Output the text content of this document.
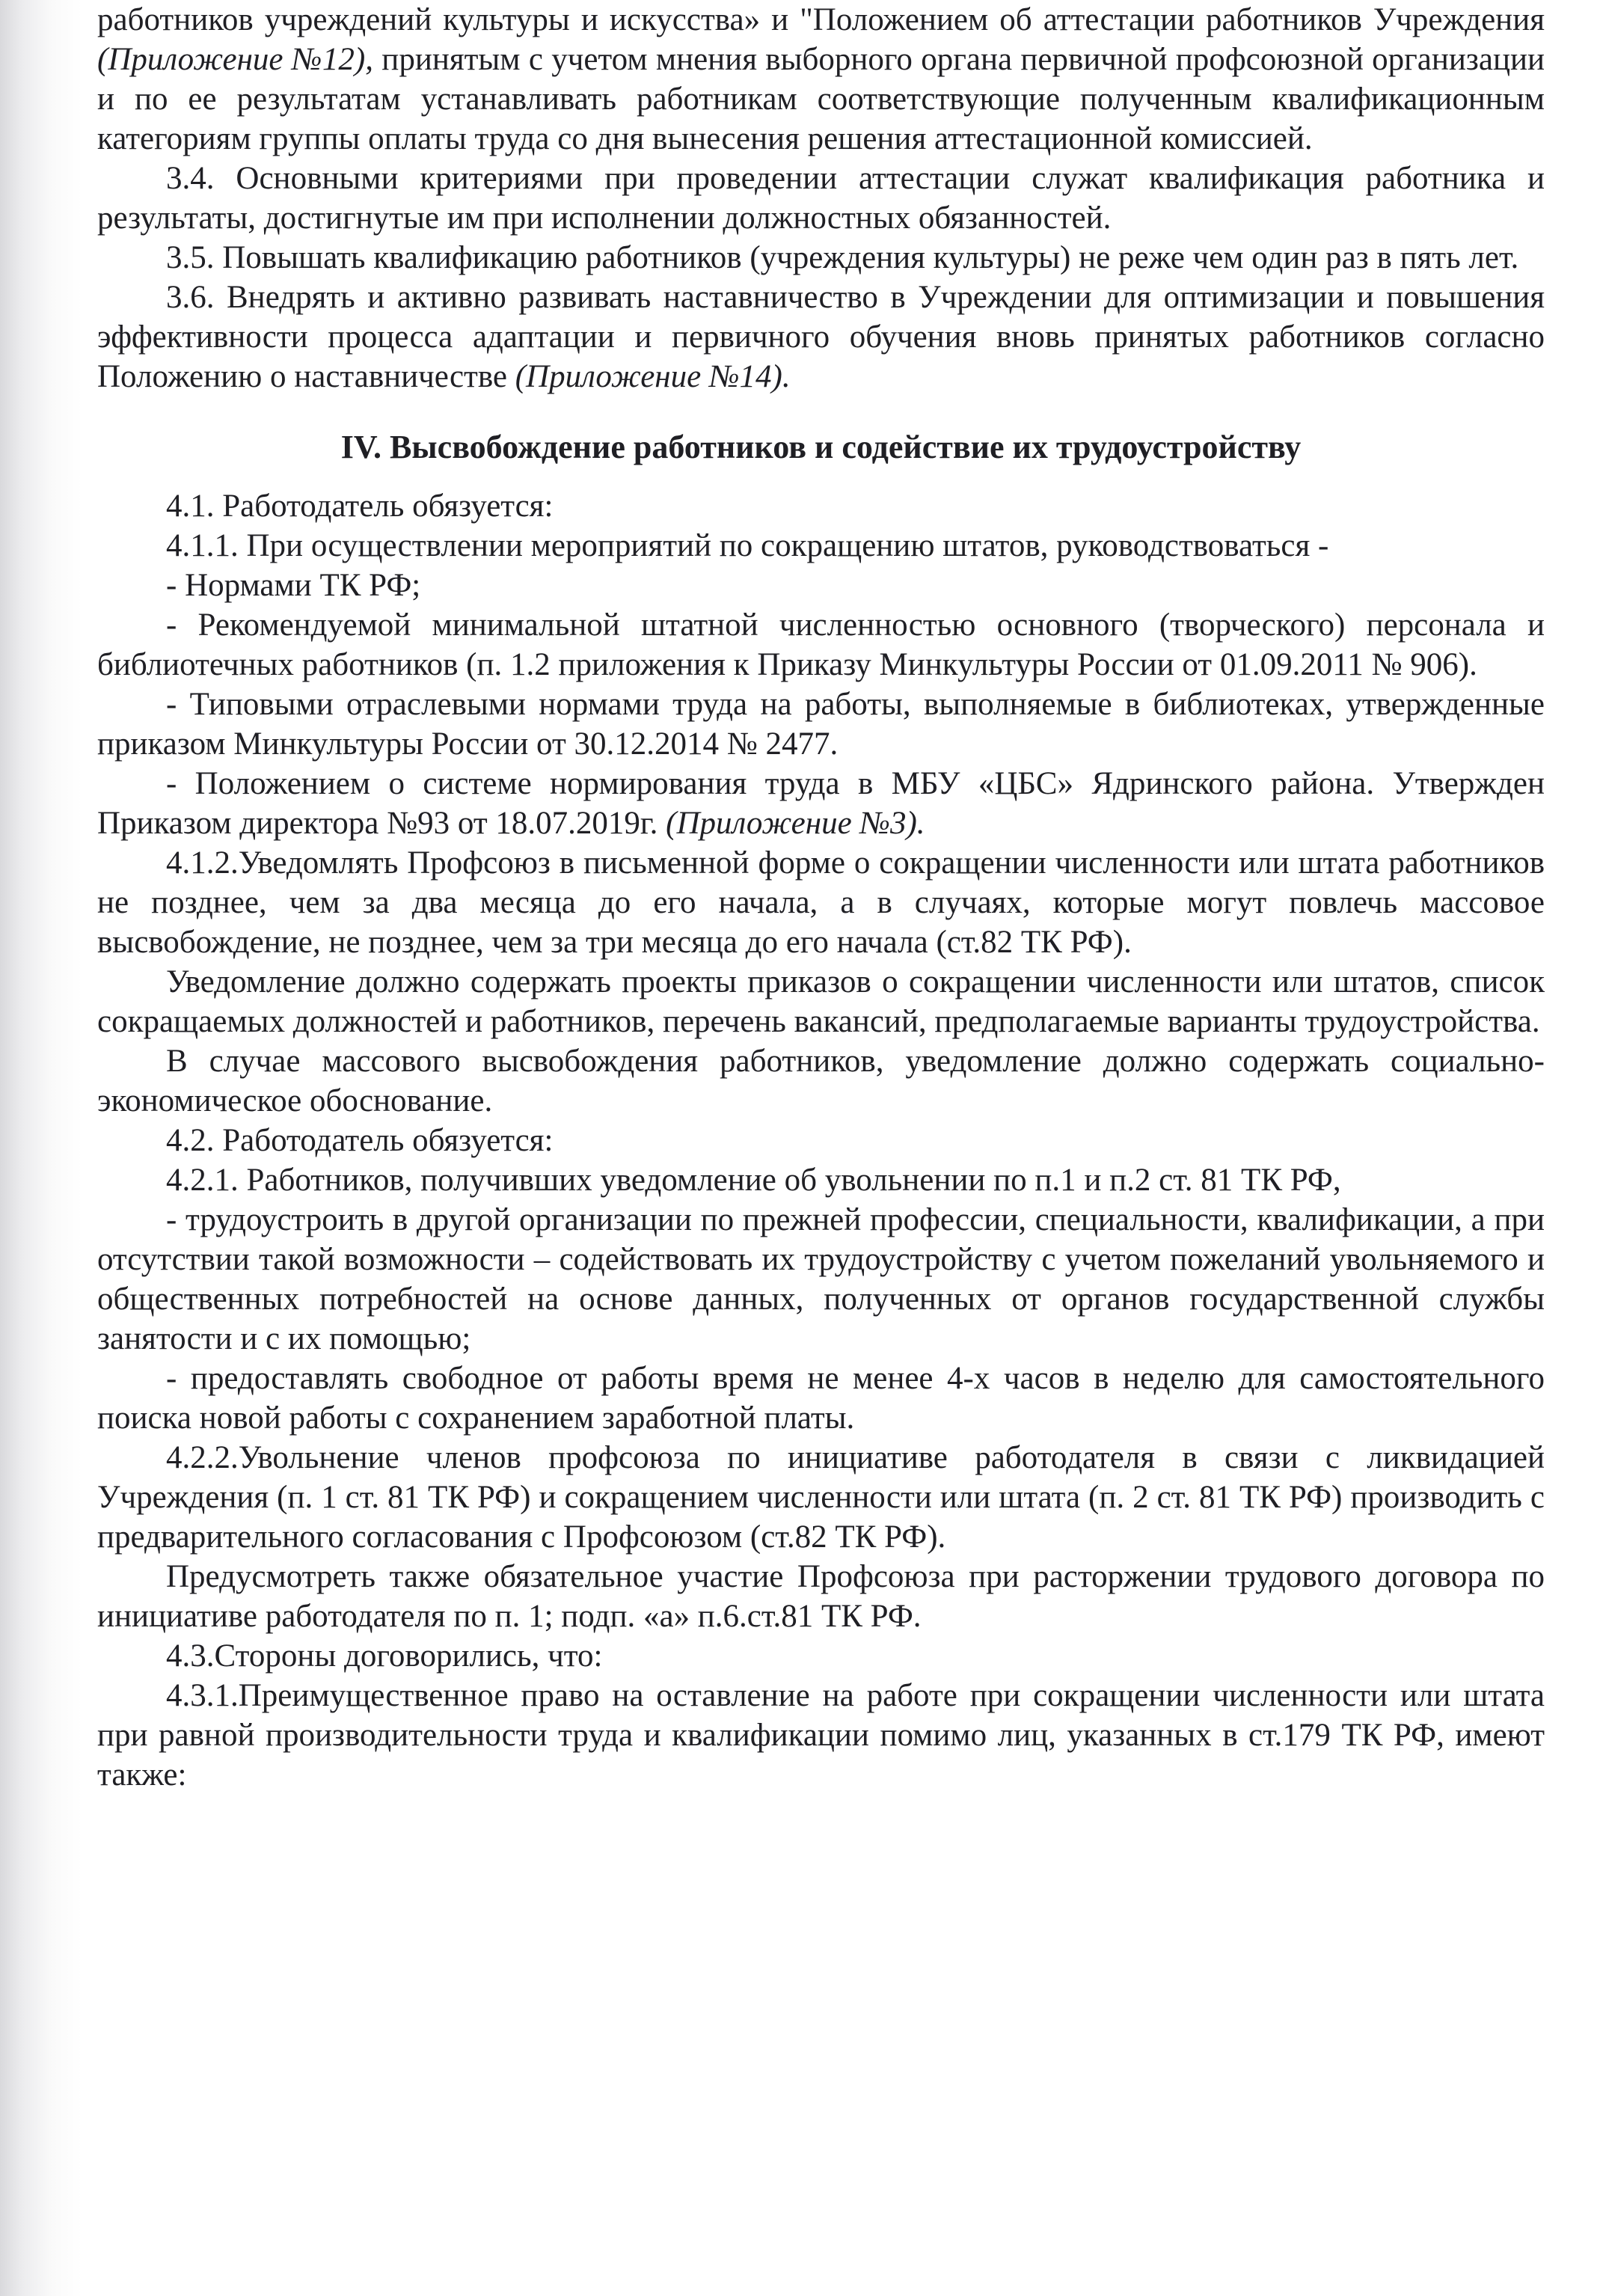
работников учреждений культуры и искусства» и "Положением об аттестации работников Учреждения (Приложение №12), принятым с учетом мнения выборного органа первичной профсоюзной организации и по ее результатам устанавливать работникам соответствующие полученным квалификационным категориям группы оплаты труда со дня вынесения решения аттестационной комиссией.

3.4. Основными критериями при проведении аттестации служат квалификация работника и результаты, достигнутые им при исполнении должностных обязанностей.

3.5. Повышать квалификацию работников (учреждения культуры) не реже чем один раз в пять лет.

3.6. Внедрять и активно развивать наставничество в Учреждении для оптимизации и повышения эффективности процесса адаптации и первичного обучения вновь принятых работников согласно Положению о наставничестве (Приложение №14).

IV. Высвобождение работников и содействие их трудоустройству

4.1. Работодатель обязуется:

4.1.1. При осуществлении мероприятий по сокращению штатов, руководствоваться -

- Нормами ТК РФ;

- Рекомендуемой минимальной штатной численностью основного (творческого) персонала и библиотечных работников (п. 1.2 приложения к Приказу Минкультуры России от 01.09.2011 № 906).

- Типовыми отраслевыми нормами труда на работы, выполняемые в библиотеках, утвержденные приказом Минкультуры России от 30.12.2014 № 2477.

- Положением о системе нормирования труда в МБУ «ЦБС» Ядринского района. Утвержден Приказом директора №93 от 18.07.2019г. (Приложение №3).

4.1.2.Уведомлять Профсоюз в письменной форме о сокращении численности или штата работников не позднее, чем за два месяца до его начала, а в случаях, которые могут повлечь массовое высвобождение, не позднее, чем за три месяца до его начала (ст.82 ТК РФ).

Уведомление должно содержать проекты приказов о сокращении численности или штатов, список сокращаемых должностей и работников, перечень вакансий, предполагаемые варианты трудоустройства.

В случае массового высвобождения работников, уведомление должно содержать социально-экономическое обоснование.

4.2. Работодатель обязуется:

4.2.1. Работников, получивших уведомление об увольнении по п.1 и п.2 ст. 81 ТК РФ,

- трудоустроить в другой организации по прежней профессии, специальности, квалификации, а при отсутствии такой возможности – содействовать их трудоустройству с учетом пожеланий увольняемого и общественных потребностей на основе данных, полученных от органов государственной службы занятости и с их помощью;

- предоставлять свободное от работы время не менее 4-х часов в неделю для самостоятельного поиска новой работы с сохранением заработной платы.

4.2.2.Увольнение членов профсоюза по инициативе работодателя в связи с ликвидацией Учреждения (п. 1 ст. 81 ТК РФ) и сокращением численности или штата (п. 2 ст. 81 ТК РФ) производить с предварительного согласования с Профсоюзом (ст.82 ТК РФ).

Предусмотреть также обязательное участие Профсоюза при расторжении трудового договора по инициативе работодателя по п. 1; подп. «а» п.6.ст.81 ТК РФ.

4.3.Стороны договорились, что:

4.3.1.Преимущественное право на оставление на работе при сокращении численности или штата при равной производительности труда и квалификации помимо лиц, указанных в ст.179 ТК РФ, имеют также:
